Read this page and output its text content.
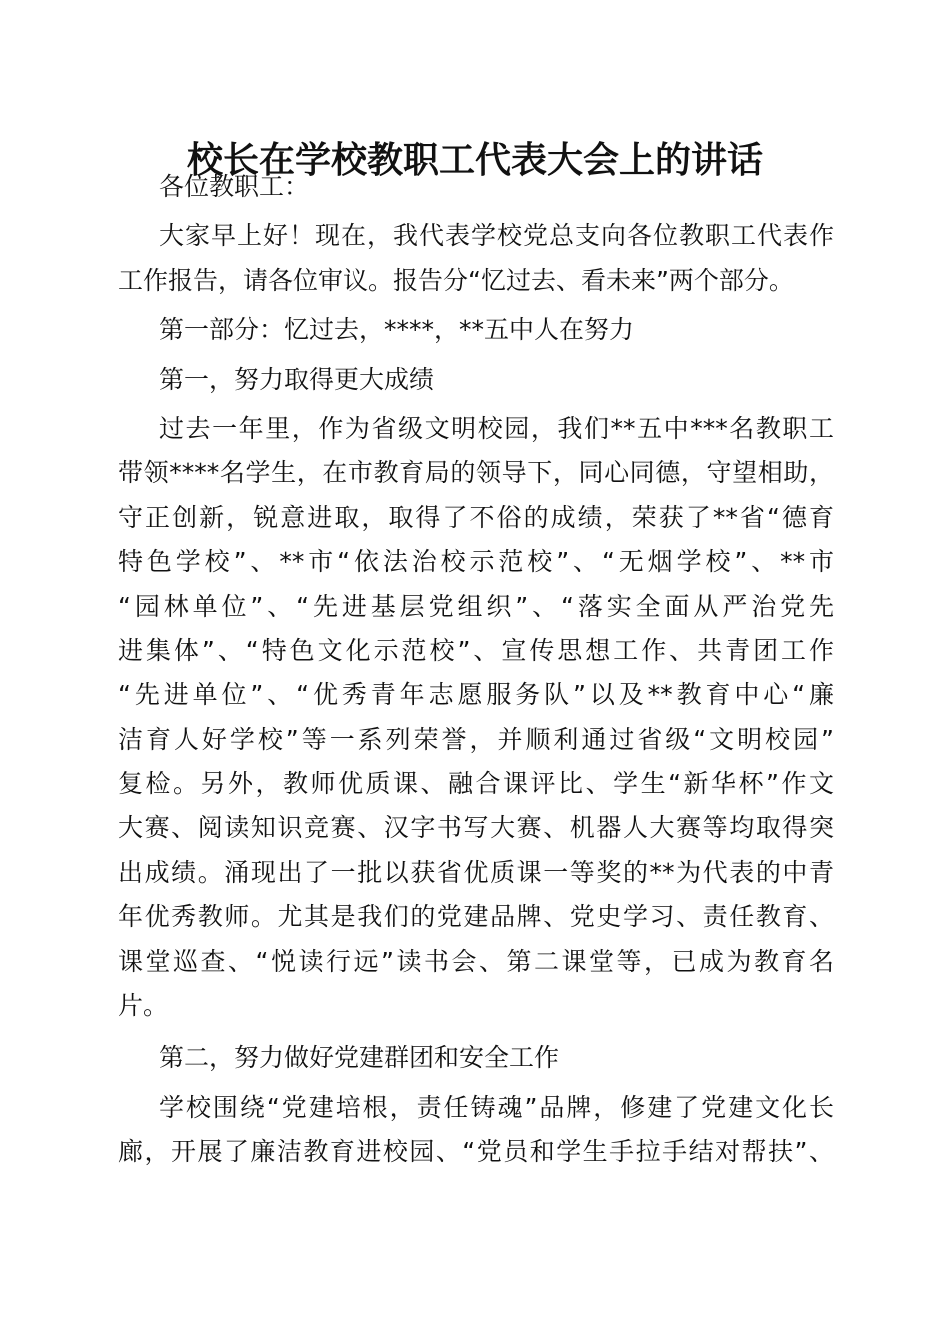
校长在学校教职工代表大会上的讲话
各位教职工：
大家早上好！现在，我代表学校党总支向各位教职工代表作
工作报告，请各位审议。报告分“忆过去、看未来”两个部分。
第一部分：忆过去，****，**五中人在努力
第一，努力取得更大成绩
过去一年里，作为省级文明校园，我们**五中***名教职工
带领****名学生，在市教育局的领导下，同心同德，守望相助，
守正创新，锐意进取，取得了不俗的成绩，荣获了**省“德育
特色学校”、**市“依法治校示范校”、“无烟学校”、**市
“园林单位”、“先进基层党组织”、“落实全面从严治党先
进集体”、“特色文化示范校”、宣传思想工作、共青团工作
“先进单位”、“优秀青年志愿服务队”以及**教育中心“廉
洁育人好学校”等一系列荣誉，并顺利通过省级“文明校园”
复检。另外，教师优质课、融合课评比、学生“新华杯”作文
大赛、阅读知识竞赛、汉字书写大赛、机器人大赛等均取得突
出成绩。涌现出了一批以获省优质课一等奖的**为代表的中青
年优秀教师。尤其是我们的党建品牌、党史学习、责任教育、
课堂巡查、“悦读行远”读书会、第二课堂等，已成为教育名
片。
第二，努力做好党建群团和安全工作
学校围绕“党建培根，责任铸魂”品牌，修建了党建文化长
廊，开展了廉洁教育进校园、“党员和学生手拉手结对帮扶”、
